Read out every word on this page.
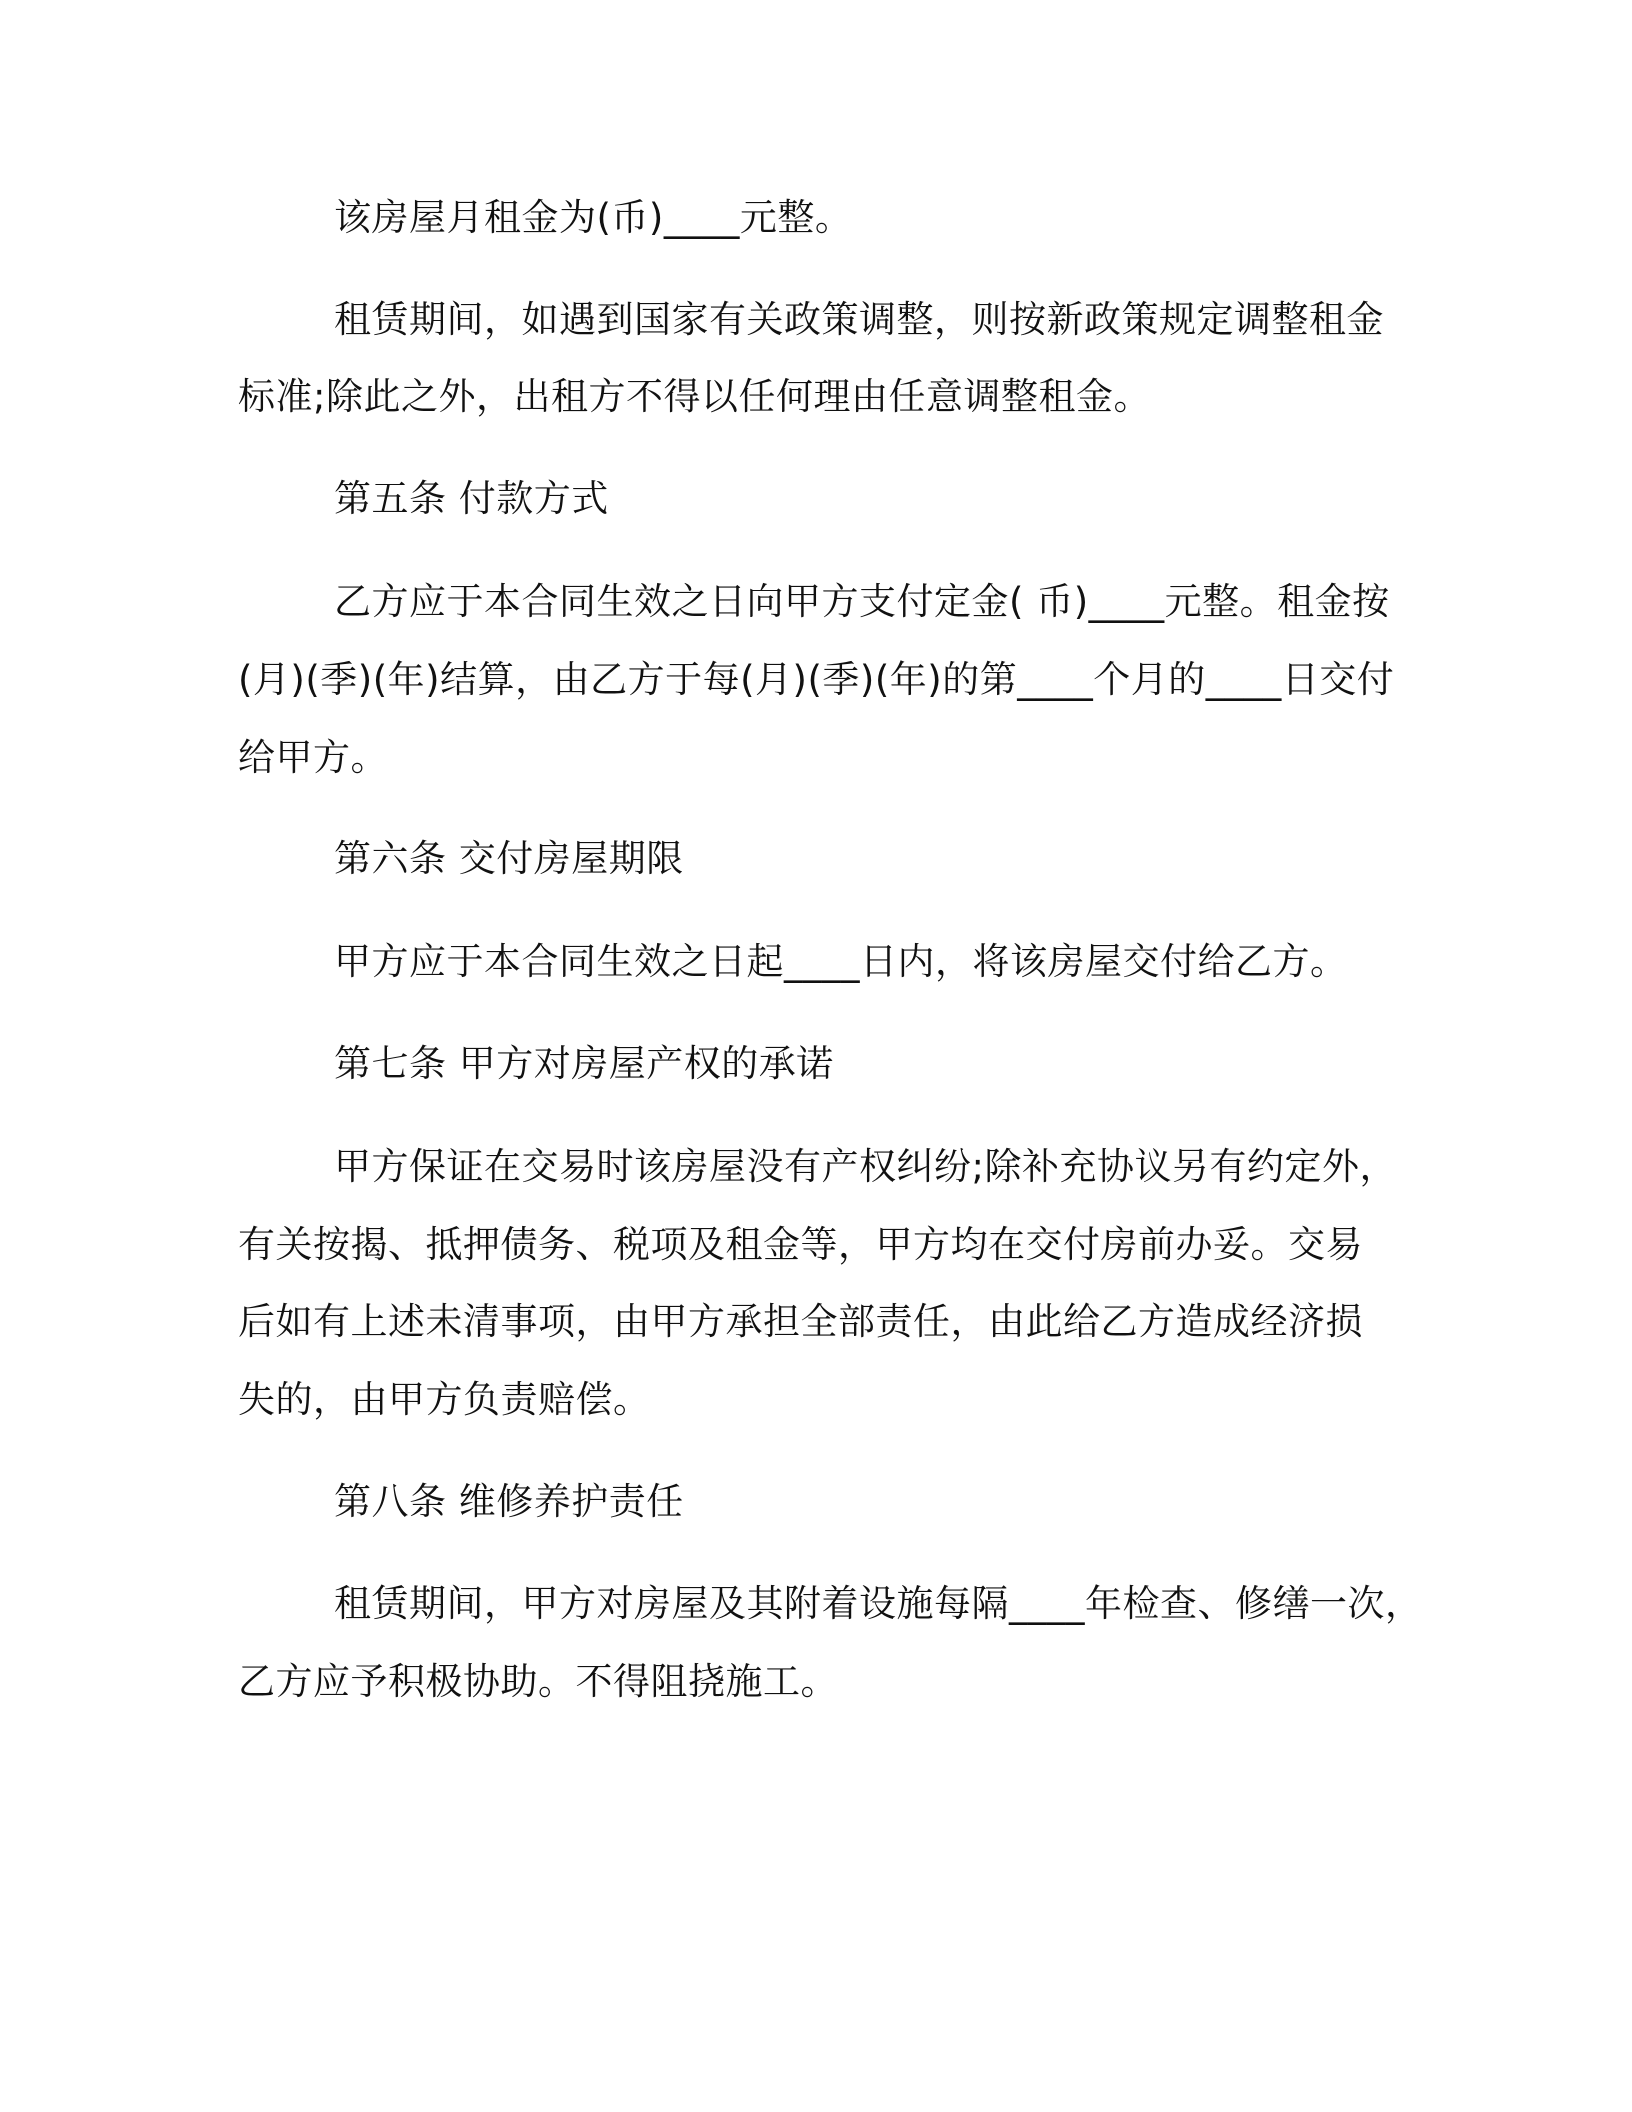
该房屋月租金为(币)____元整。
租赁期间，如遇到国家有关政策调整，则按新政策规定调整租金
标准;除此之外，出租方不得以任何理由任意调整租金。
第五条 付款方式
乙方应于本合同生效之日向甲方支付定金( 币)____元整。租金按
(月)(季)(年)结算，由乙方于每(月)(季)(年)的第____个月的____日交付
给甲方。
第六条 交付房屋期限
甲方应于本合同生效之日起____日内，将该房屋交付给乙方。
第七条 甲方对房屋产权的承诺
甲方保证在交易时该房屋没有产权纠纷;除补充协议另有约定外，
有关按揭、抵押债务、税项及租金等，甲方均在交付房前办妥。交易
后如有上述未清事项，由甲方承担全部责任，由此给乙方造成经济损
失的，由甲方负责赔偿。
第八条 维修养护责任
租赁期间，甲方对房屋及其附着设施每隔____年检查、修缮一次，
乙方应予积极协助。不得阻挠施工。
